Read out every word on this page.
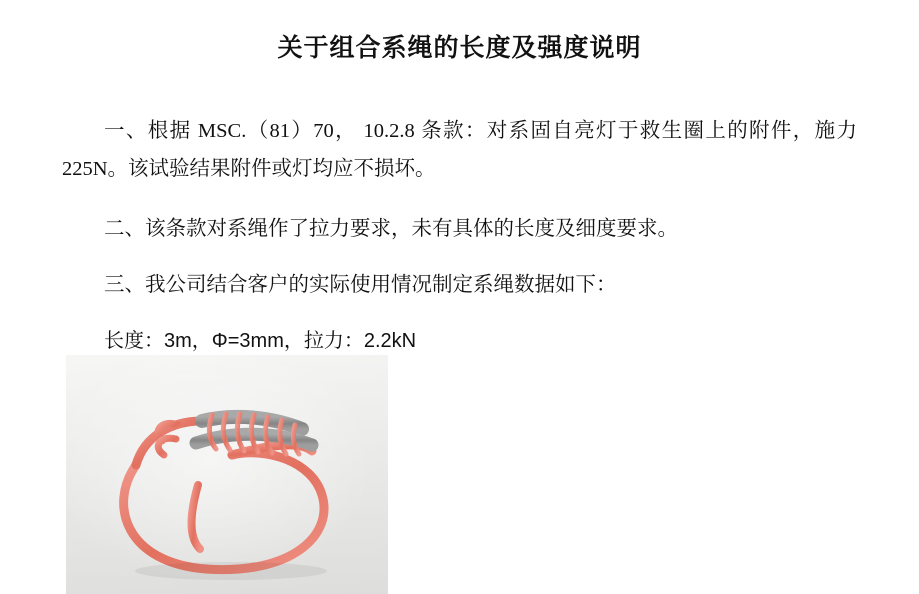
关于组合系绳的长度及强度说明

一、根据 MSC.（81）70， 10.2.8 条款：对系固自亮灯于救生圈上的附件，施力 225N。该试验结果附件或灯均应不损坏。

二、该条款对系绳作了拉力要求，未有具体的长度及细度要求。

三、我公司结合客户的实际使用情况制定系绳数据如下：

长度：3m，Φ=3mm，拉力：2.2kN
